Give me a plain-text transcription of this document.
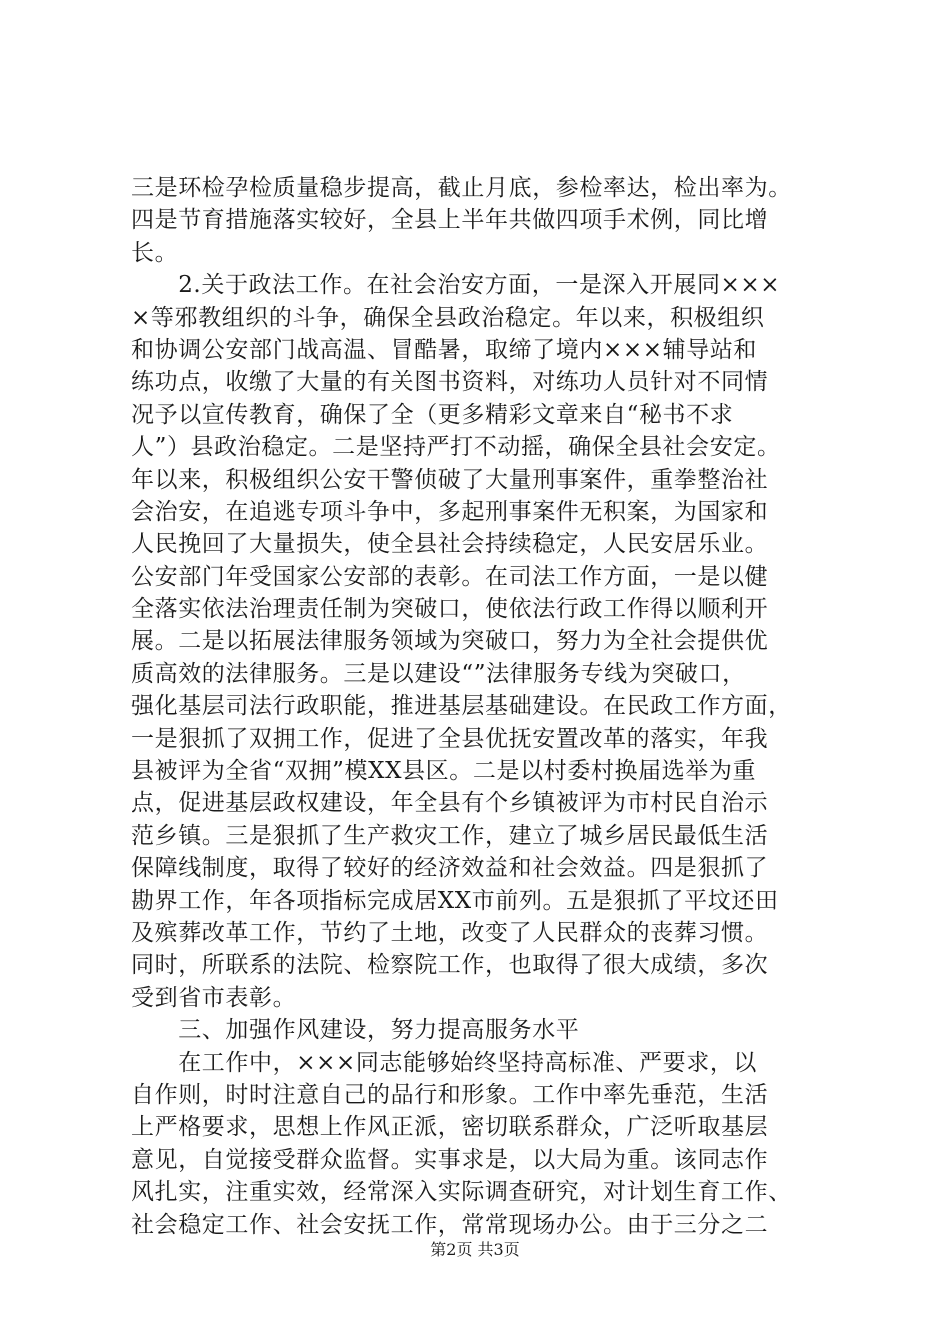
三是环检孕检质量稳步提高，截止月底，参检率达，检出率为。
四是节育措施落实较好，全县上半年共做四项手术例，同比增
长。
　　2.关于政法工作。在社会治安方面，一是深入开展同×××
×等邪教组织的斗争，确保全县政治稳定。年以来，积极组织
和协调公安部门战高温、冒酷暑，取缔了境内×××辅导站和
练功点，收缴了大量的有关图书资料，对练功人员针对不同情
况予以宣传教育，确保了全（更多精彩文章来自“秘书不求
人”）县政治稳定。二是坚持严打不动摇，确保全县社会安定。
年以来，积极组织公安干警侦破了大量刑事案件，重拳整治社
会治安，在追逃专项斗争中，多起刑事案件无积案，为国家和
人民挽回了大量损失，使全县社会持续稳定，人民安居乐业。
公安部门年受国家公安部的表彰。在司法工作方面，一是以健
全落实依法治理责任制为突破口，使依法行政工作得以顺利开
展。二是以拓展法律服务领域为突破口，努力为全社会提供优
质高效的法律服务。三是以建设“”法律服务专线为突破口，
强化基层司法行政职能，推进基层基础建设。在民政工作方面，
一是狠抓了双拥工作，促进了全县优抚安置改革的落实，年我
县被评为全省“双拥”模XX县区。二是以村委村换届选举为重
点，促进基层政权建设，年全县有个乡镇被评为市村民自治示
范乡镇。三是狠抓了生产救灾工作，建立了城乡居民最低生活
保障线制度，取得了较好的经济效益和社会效益。四是狠抓了
勘界工作，年各项指标完成居XX市前列。五是狠抓了平坟还田
及殡葬改革工作，节约了土地，改变了人民群众的丧葬习惯。
同时，所联系的法院、检察院工作，也取得了很大成绩，多次
受到省市表彰。
　　三、加强作风建设，努力提高服务水平
　　在工作中，×××同志能够始终坚持高标准、严要求，以
自作则，时时注意自己的品行和形象。工作中率先垂范，生活
上严格要求，思想上作风正派，密切联系群众，广泛听取基层
意见，自觉接受群众监督。实事求是，以大局为重。该同志作
风扎实，注重实效，经常深入实际调查研究，对计划生育工作、
社会稳定工作、社会安抚工作，常常现场办公。由于三分之二
第2页 共3页
